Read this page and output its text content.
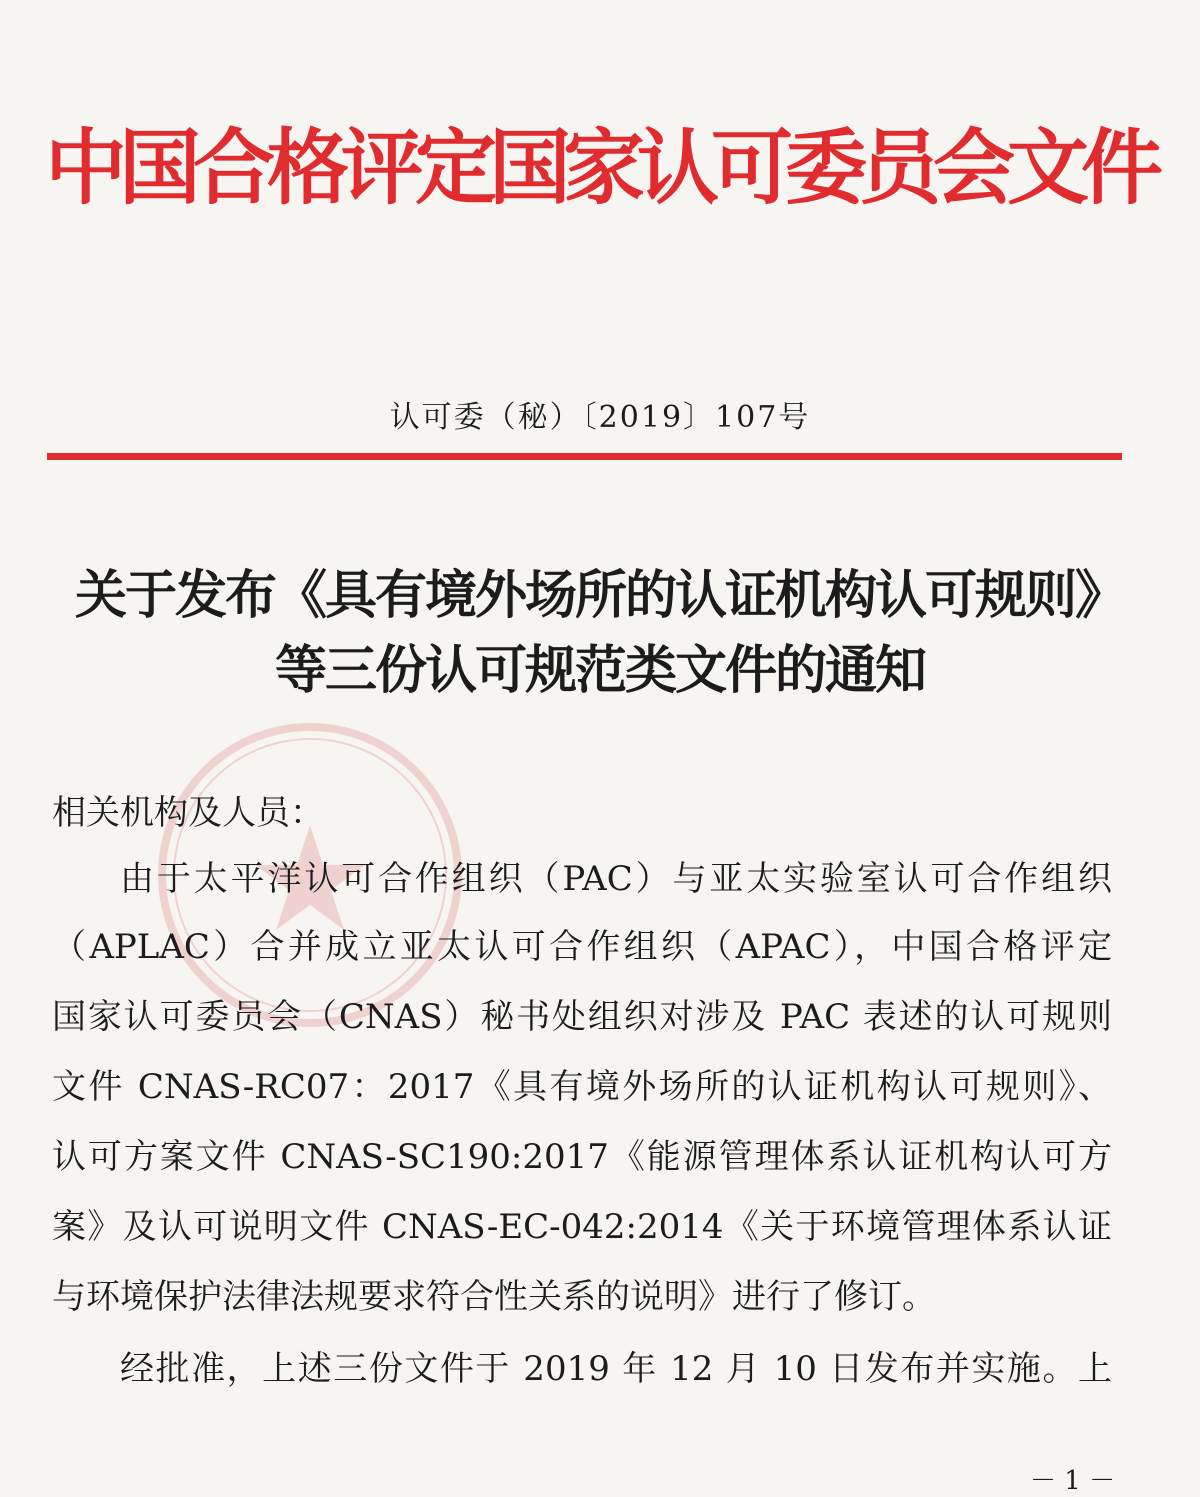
中国合格评定国家认可委员会文件
认可委（秘）〔2019〕107号
关于发布《具有境外场所的认证机构认可规则》
等三份认可规范类文件的通知
相关机构及人员：
由于太平洋认可合作组织（PAC）与亚太实验室认可合作组织
（APLAC）合并成立亚太认可合作组织（APAC），中国合格评定
国家认可委员会（CNAS）秘书处组织对涉及 PAC 表述的认可规则
文件 CNAS-RC07：2017《具有境外场所的认证机构认可规则》、
认可方案文件 CNAS-SC190:2017《能源管理体系认证机构认可方
案》及认可说明文件 CNAS-EC-042:2014《关于环境管理体系认证
与环境保护法律法规要求符合性关系的说明》进行了修订。
经批准，上述三份文件于 2019 年 12 月 10 日发布并实施。上
－ 1 －
